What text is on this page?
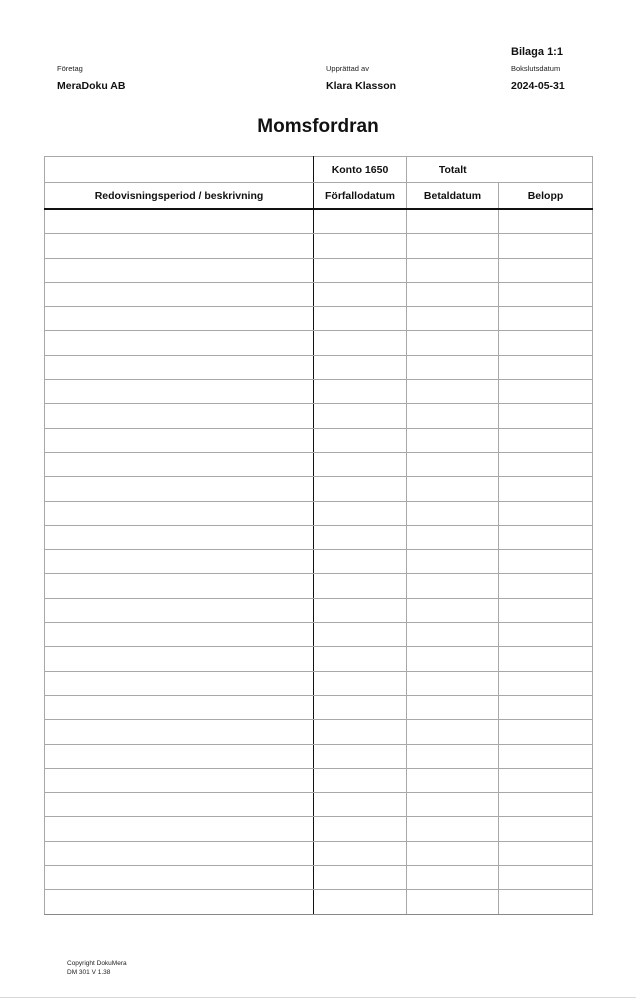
Bilaga 1:1
Företag
MeraDoku AB
Upprättad av
Klara Klasson
Bokslutsdatum
2024-05-31
Momsfordran
	Konto 1650	Totalt	
Redovisningsperiod / beskrivning	Förfallodatum	Betaldatum	Belopp

Copyright DokuMera
DM 301 V 1.38
